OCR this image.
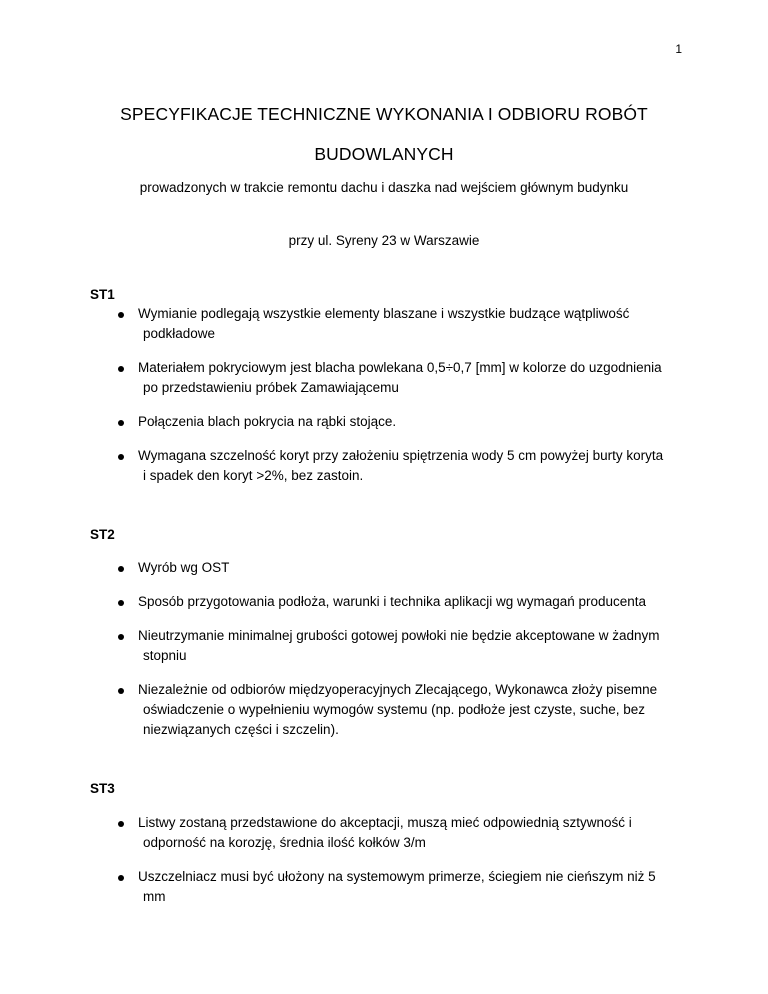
1
SPECYFIKACJE TECHNICZNE WYKONANIA I ODBIORU ROBÓT
BUDOWLANYCH
prowadzonych w trakcie remontu dachu i daszka nad wejściem głównym budynku
przy ul. Syreny 23 w Warszawie
ST1
Wymianie podlegają wszystkie elementy blaszane i wszystkie budzące wątpliwość podkładowe
Materiałem pokryciowym jest blacha powlekana 0,5÷0,7 [mm] w kolorze do uzgodnienia po przedstawieniu próbek Zamawiającemu
Połączenia blach pokrycia na rąbki stojące.
Wymagana szczelność koryt przy założeniu spiętrzenia wody 5 cm powyżej burty koryta i spadek den koryt >2%, bez zastoin.
ST2
Wyrób wg OST
Sposób przygotowania podłoża, warunki i technika aplikacji wg wymagań producenta
Nieutrzymanie minimalnej grubości gotowej powłoki nie będzie akceptowane w żadnym stopniu
Niezależnie od odbiorów międzyoperacyjnych Zlecającego, Wykonawca złoży pisemne oświadczenie o wypełnieniu wymogów systemu (np. podłoże jest czyste, suche, bez niezwiązanych części i szczelin).
ST3
Listwy zostaną przedstawione do akceptacji, muszą mieć odpowiednią sztywność i odporność na korozję, średnia ilość kołków 3/m
Uszczelniacz musi być ułożony na systemowym primerze, ściegiem nie cieńszym niż 5 mm
